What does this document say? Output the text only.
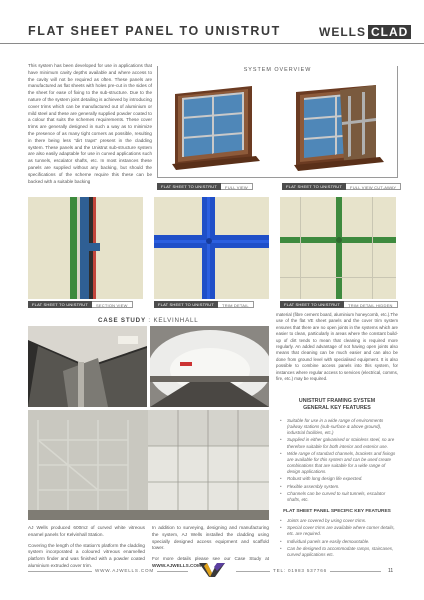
FLAT SHEET PANEL TO UNISTRUT	WELLS CLAD
This system has been developed for use in applications that have minimum cavity depths available and where access to the cavity will not be required as often. These panels are manufactured as flat sheets with holes pre-cut in the sides of the sheet for ease of fixing to the sub-structure. Due to the nature of the system joint detailing is achieved by introducing cover trims which can be manufactured out of aluminium or mild steel and these are generally supplied powder coated to a colour that suits the schemes requirements. These cover trims are generally designed in such a way as to minimize the presence of as many tight corners as possible, resulting in there being less "dirt traps" present in the cladding system. These panels and the Unistrut sub-structure system are also easily adaptable for use in curved applications such as tunnels, escalator shafts, etc. In most instances these panels are supplied without any backing, but should the specifications of the scheme require this these can be backed with a suitable backing
SYSTEM OVERVIEW
FLAT SHEET TO UNISTRUT	FULL VIEW	FLAT SHEET TO UNISTRUT	FULL VIEW CUT-AWAY
FLAT SHEET TO UNISTRUT	SECTION VIEW	FLAT SHEET TO UNISTRUT	TRIM DETAIL	FLAT SHEET TO UNISTRUT	TRIM DETAIL HIDDEN
CASE STUDY : KELVINHALL

AJ Wells produced 600m2 of curved white vitreous enamel panels for Kelvinhall Station.

Covering the length of the station's platform the cladding system incorporated a coloured vitreous enamelled platform finder and was finished with a powder coated aluminium extruded cover trim.

In addition to surveying, designing and manufacturing the system, AJ Wells installed the cladding using specially designed access equipment and scaffold tower.

For more details please see our Case Study at WWW.AJWELLS.COM

material (fibre cement board, aluminium honeycomb, etc.).The use of the flat VE sheet panels and the cover trim system ensures that there are no open joints in the systems which are easier to clean, particularly in areas where the constant build-up of dirt tends to mean that cleaning is required more regularly. An added advantage of not having open joints also means that cleaning can be much easier and can also be done from ground level with specialised equipment. It is also possible to combine access panels into this system, for instances where regular access to services (electrical, comms, fire, etc.) may be required.
UNISTRUT FRAMING SYSTEM
GENERAL KEY FEATURES
• Suitable for use in a wide range of environments (railway stations (sub-surface & above ground), industrial facilities, etc.)
• Supplied in either galvanised or stainless steel, so are therefore suitable for both interior and exterior use.
• Wide range of standard channels, brackets and fixings are available for this system and can be used create combinations that are suitable for a wide range of design applications.
• Robust with long design life expected.
• Flexible assembly system.
• Channels can be curved to suit tunnels, escalator shafts, etc.
FLAT SHEET PANEL SPECIFIC KEY FEATURES
• Joints are covered by using cover trims.
• Special cover trims are available where corner details, etc. are required.
• Individual panels are easily demountable.
• Can be designed to accommodate ramps, staircases, curved applications etc.
WWW.AJWELLS.COM	TEL: 01983 537766	11
